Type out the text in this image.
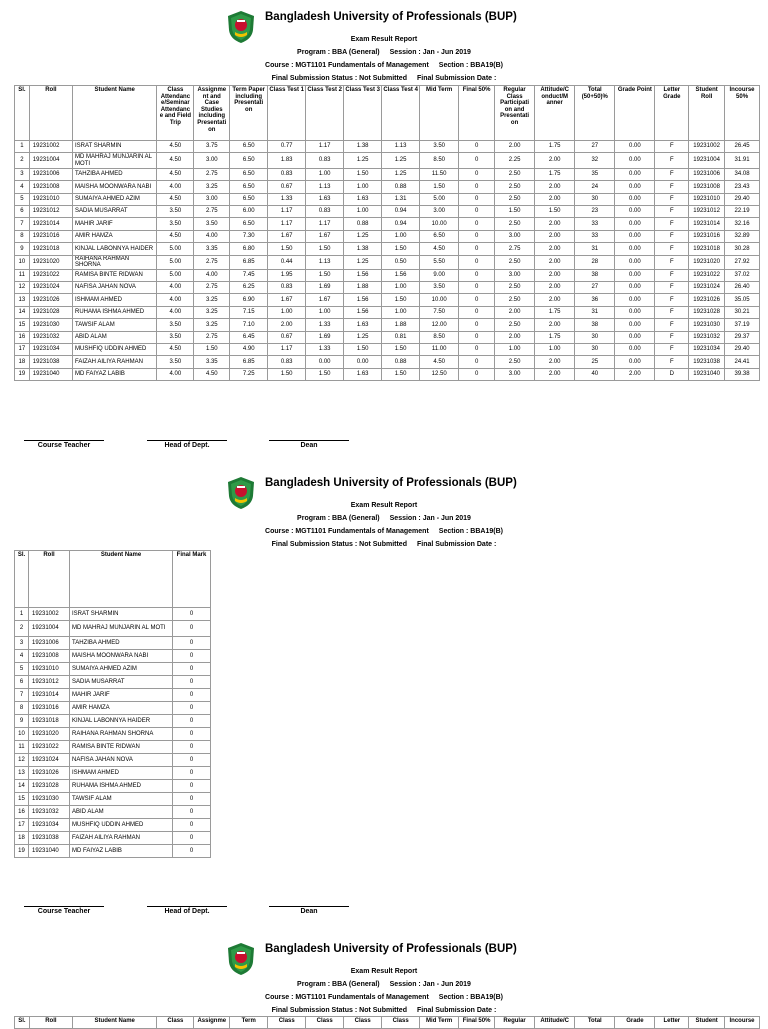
Bangladesh University of Professionals (BUP)
Exam Result Report
Program : BBA (General) Session : Jan - Jun 2019
Course : MGT1101 Fundamentals of Management Section : BBA19(B)
Final Submission Status : Not Submitted Final Submission Date :
Bangladesh University of Professionals (BUP)
Exam Result Report
Program : BBA (General) Session : Jan - Jun 2019
Course : MGT1101 Fundamentals of Management Section : BBA19(B)
Final Submission Status : Not Submitted Final Submission Date :
Bangladesh University of Professionals (BUP)
Exam Result Report
Program : BBA (General) Session : Jan - Jun 2019
Course : MGT1101 Fundamentals of Management Section : BBA19(B)
Final Submission Status : Not Submitted Final Submission Date :
Sl.	Roll	Student Name	Class Attendanc e/Seminar Attendanc e and Field Trip	Assignme nt and Case Studies including Presentati on	Term Paper including Presentati on	Class Test 1	Class Test 2	Class Test 3	Class Test 4	Mid Term	Final 50%	Regular Class Participati on and Presentati on	Attitude/C onduct/M anner	Total (50+50)%	Grade Point	Letter Grade	Student Roll	Incourse 50%
1	19231002	ISRAT SHARMIN	4.50	3.75	6.50	0.77	1.17	1.38	1.13	3.50	0	2.00	1.75	27	0.00	F	19231002	26.45
2	19231004	MD MAHRAJ MUNJARIN AL MOTI	4.50	3.00	6.50	1.83	0.83	1.25	1.25	8.50	0	2.25	2.00	32	0.00	F	19231004	31.91
3	19231006	TAHZIBA AHMED	4.50	2.75	6.50	0.83	1.00	1.50	1.25	11.50	0	2.50	1.75	35	0.00	F	19231006	34.08
4	19231008	MAISHA MOONWARA NABI	4.00	3.25	6.50	0.67	1.13	1.00	0.88	1.50	0	2.50	2.00	24	0.00	F	19231008	23.43
5	19231010	SUMAIYA AHMED AZIM	4.50	3.00	6.50	1.33	1.63	1.63	1.31	5.00	0	2.50	2.00	30	0.00	F	19231010	29.40
6	19231012	SADIA MUSARRAT	3.50	2.75	6.00	1.17	0.83	1.00	0.94	3.00	0	1.50	1.50	23	0.00	F	19231012	22.19
7	19231014	MAHIR JARIF	3.50	3.50	6.50	1.17	1.17	0.88	0.94	10.00	0	2.50	2.00	33	0.00	F	19231014	32.16
8	19231016	AMIR HAMZA	4.50	4.00	7.30	1.67	1.67	1.25	1.00	6.50	0	3.00	2.00	33	0.00	F	19231016	32.89
9	19231018	KINJAL LABONNYA HAIDER	5.00	3.35	6.80	1.50	1.50	1.38	1.50	4.50	0	2.75	2.00	31	0.00	F	19231018	30.28
10	19231020	RAIHANA RAHMAN SHORNA	5.00	2.75	6.85	0.44	1.13	1.25	0.50	5.50	0	2.50	2.00	28	0.00	F	19231020	27.92
11	19231022	RAMISA BINTE RIDWAN	5.00	4.00	7.45	1.95	1.50	1.56	1.56	9.00	0	3.00	2.00	38	0.00	F	19231022	37.02
12	19231024	NAFISA JAHAN NOVA	4.00	2.75	6.25	0.83	1.69	1.88	1.00	3.50	0	2.50	2.00	27	0.00	F	19231024	26.40
13	19231026	ISHMAM AHMED	4.00	3.25	6.90	1.67	1.67	1.56	1.50	10.00	0	2.50	2.00	36	0.00	F	19231026	35.05
14	19231028	RUHAMA ISHMA AHMED	4.00	3.25	7.15	1.00	1.00	1.56	1.00	7.50	0	2.00	1.75	31	0.00	F	19231028	30.21
15	19231030	TAWSIF ALAM	3.50	3.25	7.10	2.00	1.33	1.63	1.88	12.00	0	2.50	2.00	38	0.00	F	19231030	37.19
16	19231032	ABID ALAM	3.50	2.75	6.45	0.67	1.69	1.25	0.81	8.50	0	2.00	1.75	30	0.00	F	19231032	29.37
17	19231034	MUSHFIQ UDDIN AHMED	4.50	1.50	4.90	1.17	1.33	1.50	1.50	11.00	0	1.00	1.00	30	0.00	F	19231034	29.40
18	19231038	FAIZAH AILIYA RAHMAN	3.50	3.35	6.85	0.83	0.00	0.00	0.88	4.50	0	2.50	2.00	25	0.00	F	19231038	24.41
19	19231040	MD FAIYAZ LABIB	4.00	4.50	7.25	1.50	1.50	1.63	1.50	12.50	0	3.00	2.00	40	2.00	D	19231040	39.38
Course Teacher	Head of Dept.	Dean
Sl.	Roll	Student Name	Final Mark
1	19231002	ISRAT SHARMIN	0
2	19231004	MD MAHRAJ MUNJARIN AL MOTI	0
3	19231006	TAHZIBA AHMED	0
4	19231008	MAISHA MOONWARA NABI	0
5	19231010	SUMAIYA AHMED AZIM	0
6	19231012	SADIA MUSARRAT	0
7	19231014	MAHIR JARIF	0
8	19231016	AMIR HAMZA	0
9	19231018	KINJAL LABONNYA HAIDER	0
10	19231020	RAIHANA RAHMAN SHORNA	0
11	19231022	RAMISA BINTE RIDWAN	0
12	19231024	NAFISA JAHAN NOVA	0
13	19231026	ISHMAM AHMED	0
14	19231028	RUHAMA ISHMA AHMED	0
15	19231030	TAWSIF ALAM	0
16	19231032	ABID ALAM	0
17	19231034	MUSHFIQ UDDIN AHMED	0
18	19231038	FAIZAH AILIYA RAHMAN	0
19	19231040	MD FAIYAZ LABIB	0
Course Teacher	Head of Dept.	Dean
Sl.	Roll	Student Name	Class	Assignme	Term	Class	Class	Class	Class	Mid Term	Final 50%	Regular	Attitude/C	Total	Grade	Letter	Student	Incourse
